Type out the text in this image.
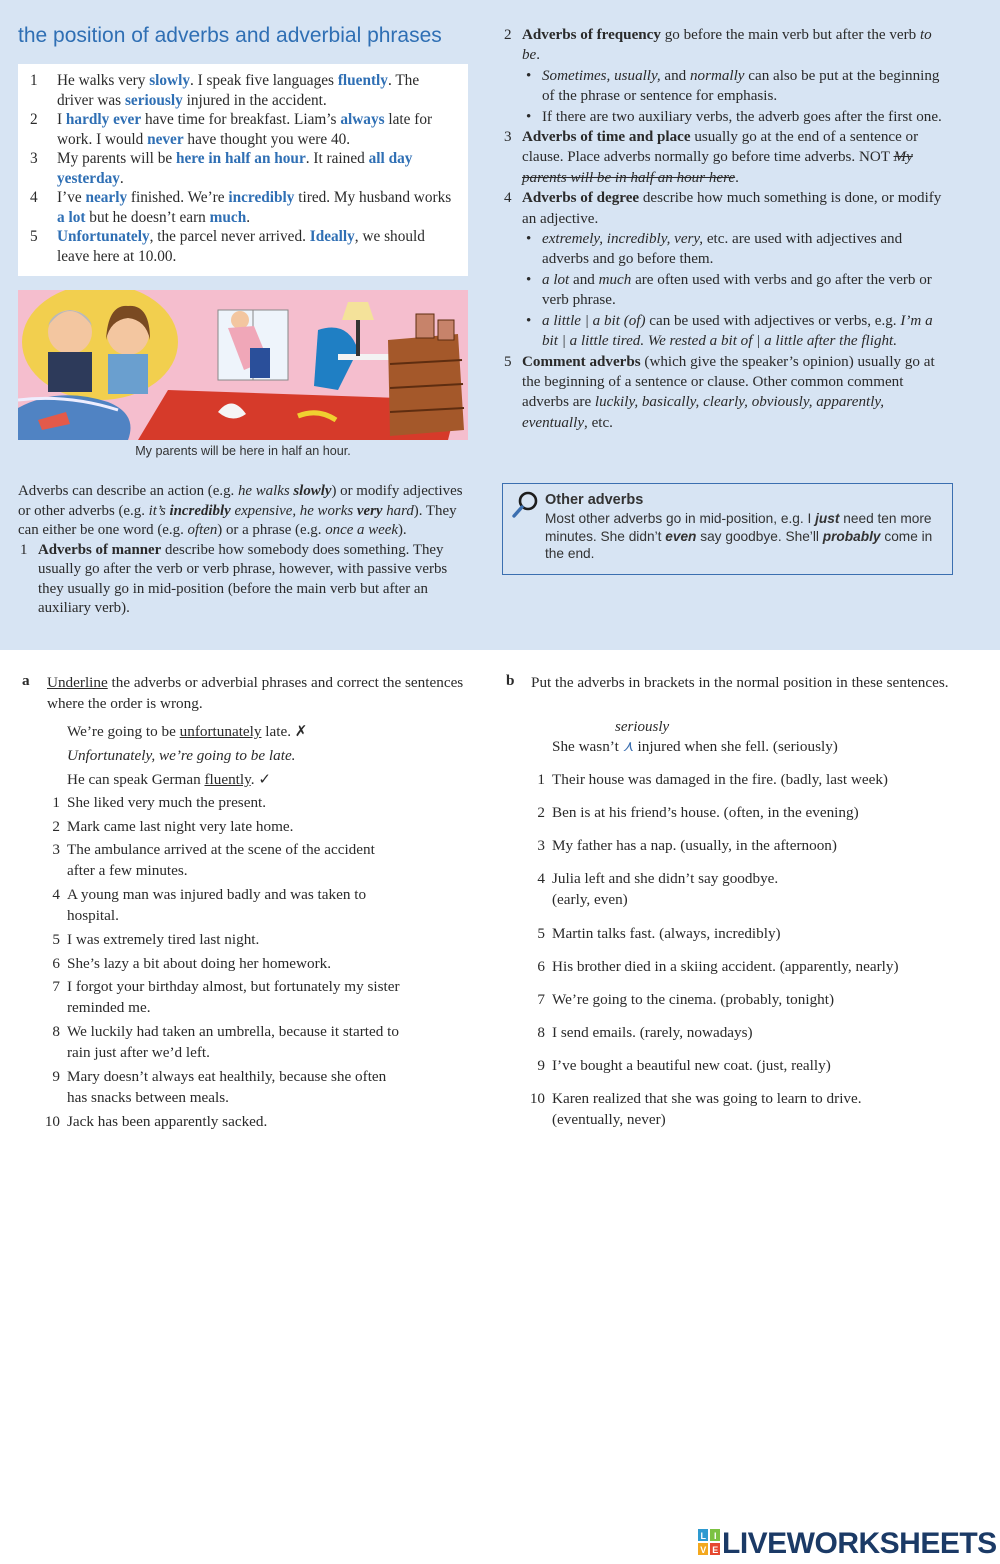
the position of adverbs and adverbial phrases
1 He walks very slowly. I speak five languages fluently. The driver was seriously injured in the accident.
2 I hardly ever have time for breakfast. Liam’s always late for work. I would never have thought you were 40.
3 My parents will be here in half an hour. It rained all day yesterday.
4 I’ve nearly finished. We’re incredibly tired. My husband works a lot but he doesn’t earn much.
5 Unfortunately, the parcel never arrived. Ideally, we should leave here at 10.00.
My parents will be here in half an hour.
Adverbs can describe an action (e.g. he walks slowly) or modify adjectives or other adverbs (e.g. it’s incredibly expensive, he works very hard). They can either be one word (e.g. often) or a phrase (e.g. once a week).
1 Adverbs of manner describe how somebody does something. They usually go after the verb or verb phrase, however, with passive verbs they usually go in mid-position (before the main verb but after an auxiliary verb).
2 Adverbs of frequency go before the main verb but after the verb to be.
• Sometimes, usually, and normally can also be put at the beginning of the phrase or sentence for emphasis.
• If there are two auxiliary verbs, the adverb goes after the first one.
3 Adverbs of time and place usually go at the end of a sentence or clause. Place adverbs normally go before time adverbs. NOT My parents will be in half an hour here.
4 Adverbs of degree describe how much something is done, or modify an adjective.
• extremely, incredibly, very, etc. are used with adjectives and adverbs and go before them.
• a lot and much are often used with verbs and go after the verb or verb phrase.
• a little | a bit (of) can be used with adjectives or verbs, e.g. I’m a bit | a little tired. We rested a bit of | a little after the flight.
5 Comment adverbs (which give the speaker’s opinion) usually go at the beginning of a sentence or clause. Other common comment adverbs are luckily, basically, clearly, obviously, apparently, eventually, etc.
Other adverbs
Most other adverbs go in mid-position, e.g. I just need ten more minutes. She didn’t even say goodbye. She’ll probably come in the end.
a	Underline the adverbs or adverbial phrases and correct the sentences where the order is wrong.
We’re going to be unfortunately late. ✗
Unfortunately, we’re going to be late.
He can speak German fluently. ✓
1 She liked very much the present.
2 Mark came last night very late home.
3 The ambulance arrived at the scene of the accident
after a few minutes.
4 A young man was injured badly and was taken to
hospital.
5 I was extremely tired last night.
6 She’s lazy a bit about doing her homework.
7 I forgot your birthday almost, but fortunately my sister
reminded me.
8 We luckily had taken an umbrella, because it started to
rain just after we’d left.
9 Mary doesn’t always eat healthily, because she often
has snacks between meals.
10 Jack has been apparently sacked.
b	Put the adverbs in brackets in the normal position in these sentences.
seriously
She wasn’t ⋏ injured when she fell. (seriously)
1 Their house was damaged in the fire. (badly, last week)
2 Ben is at his friend’s house. (often, in the evening)
3 My father has a nap. (usually, in the afternoon)
4 Julia left and she didn’t say goodbye.
(early, even)
5 Martin talks fast. (always, incredibly)
6 His brother died in a skiing accident. (apparently, nearly)
7 We’re going to the cinema. (probably, tonight)
8 I send emails. (rarely, nowadays)
9 I’ve bought a beautiful new coat. (just, really)
10 Karen realized that she was going to learn to drive.
(eventually, never)
L I
V E LIVEWORKSHEETS
